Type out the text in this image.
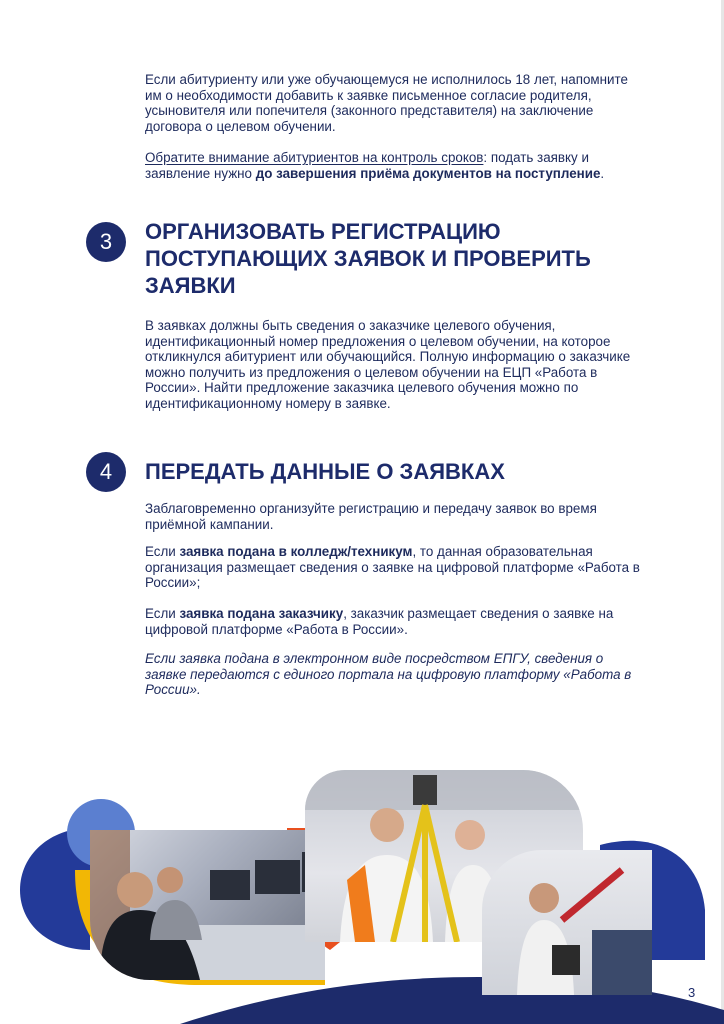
Если абитуриенту или уже обучающемуся не исполнилось 18 лет, напомните им о необходимости добавить к заявке письменное согласие родителя, усыновителя или попечителя (законного представителя) на заключение договора о целевом обучении.

Обратите внимание абитуриентов на контроль сроков: подать заявку и заявление нужно до завершения приёма документов на поступление.

3	ОРГАНИЗОВАТЬ РЕГИСТРАЦИЮ ПОСТУПАЮЩИХ ЗАЯВОК И ПРОВЕРИТЬ ЗАЯВКИ

В заявках должны быть сведения о заказчике целевого обучения, идентификационный номер предложения о целевом обучении, на которое откликнулся абитуриент или обучающийся. Полную информацию о заказчике можно получить из предложения о целевом обучении на ЕЦП «Работа в России». Найти предложение заказчика целевого обучения можно по идентификационному номеру в заявке.

4	ПЕРЕДАТЬ ДАННЫЕ О ЗАЯВКАХ

Заблаговременно организуйте регистрацию и передачу заявок во время приёмной кампании.

Если заявка подана в колледж/техникум, то данная образовательная организация размещает сведения о заявке на цифровой платформе «Работа в России»;

Если заявка подана заказчику, заказчик размещает сведения о заявке на цифровой платформе «Работа в России».

Если заявка подана в электронном виде посредством ЕПГУ, сведения о заявке передаются с единого портала на цифровую платформу «Работа в России».

3
